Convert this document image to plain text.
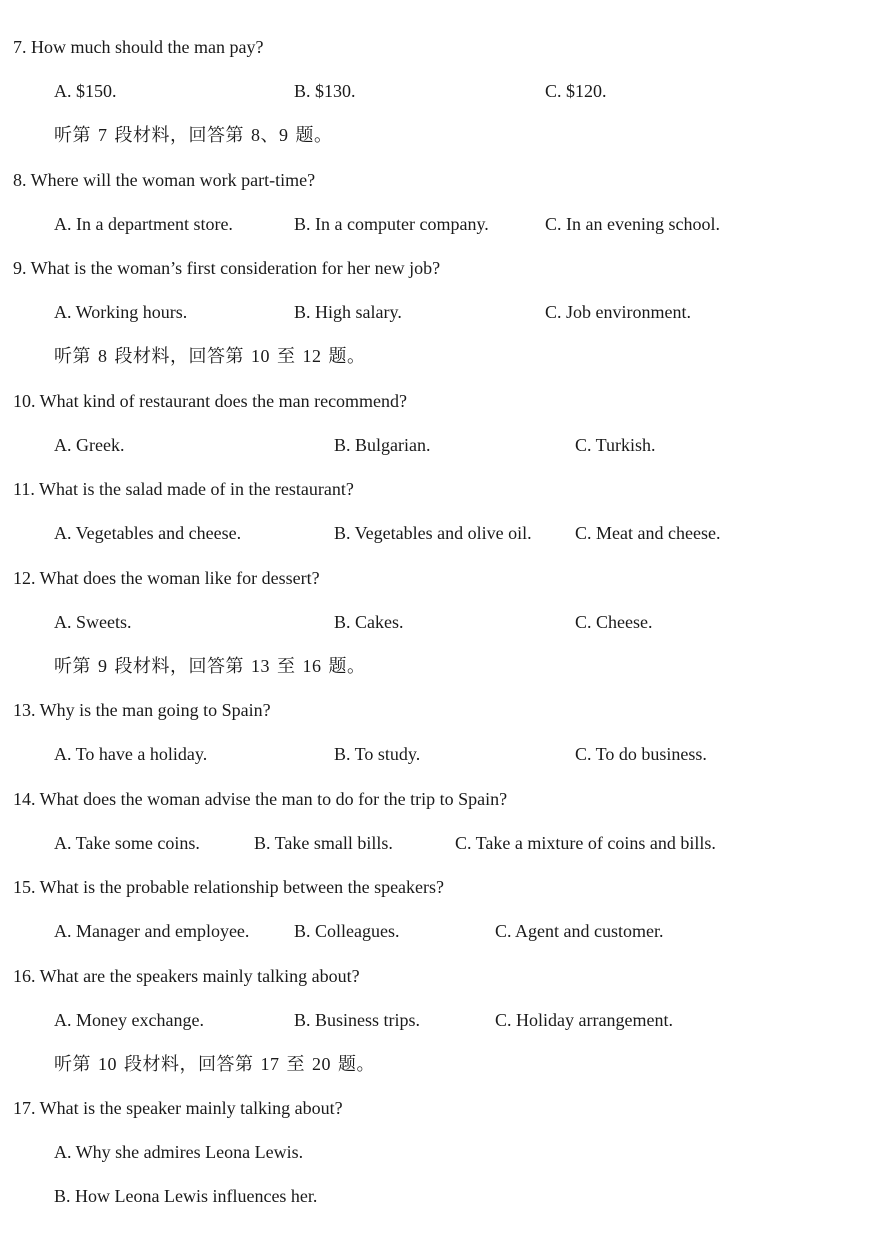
7. How much should the man pay?
A. $150.	B. $130.	C. $120.
听第 7 段材料，回答第 8、9 题。
8. Where will the woman work part-time?
A. In a department store.	B. In a computer company.	C. In an evening school.
9. What is the woman’s first consideration for her new job?
A. Working hours.	B. High salary.	C. Job environment.
听第 8 段材料，回答第 10 至 12 题。
10. What kind of restaurant does the man recommend?
A. Greek.	B. Bulgarian.	C. Turkish.
11. What is the salad made of in the restaurant?
A. Vegetables and cheese.	B. Vegetables and olive oil. C. Meat and cheese.
12. What does the woman like for dessert?
A. Sweets.	B. Cakes.	C. Cheese.
听第 9 段材料，回答第 13 至 16 题。
13. Why is the man going to Spain?
A. To have a holiday.	B. To study.	C. To do business.
14. What does the woman advise the man to do for the trip to Spain?
A. Take some coins.	B. Take small bills.	C. Take a mixture of coins and bills.
15. What is the probable relationship between the speakers?
A. Manager and employee. B. Colleagues.	C. Agent and customer.
16. What are the speakers mainly talking about?
A. Money exchange.	B. Business trips.	C. Holiday arrangement.
听第 10 段材料，回答第 17 至 20 题。
17. What is the speaker mainly talking about?
A. Why she admires Leona Lewis.
B. How Leona Lewis influences her.
